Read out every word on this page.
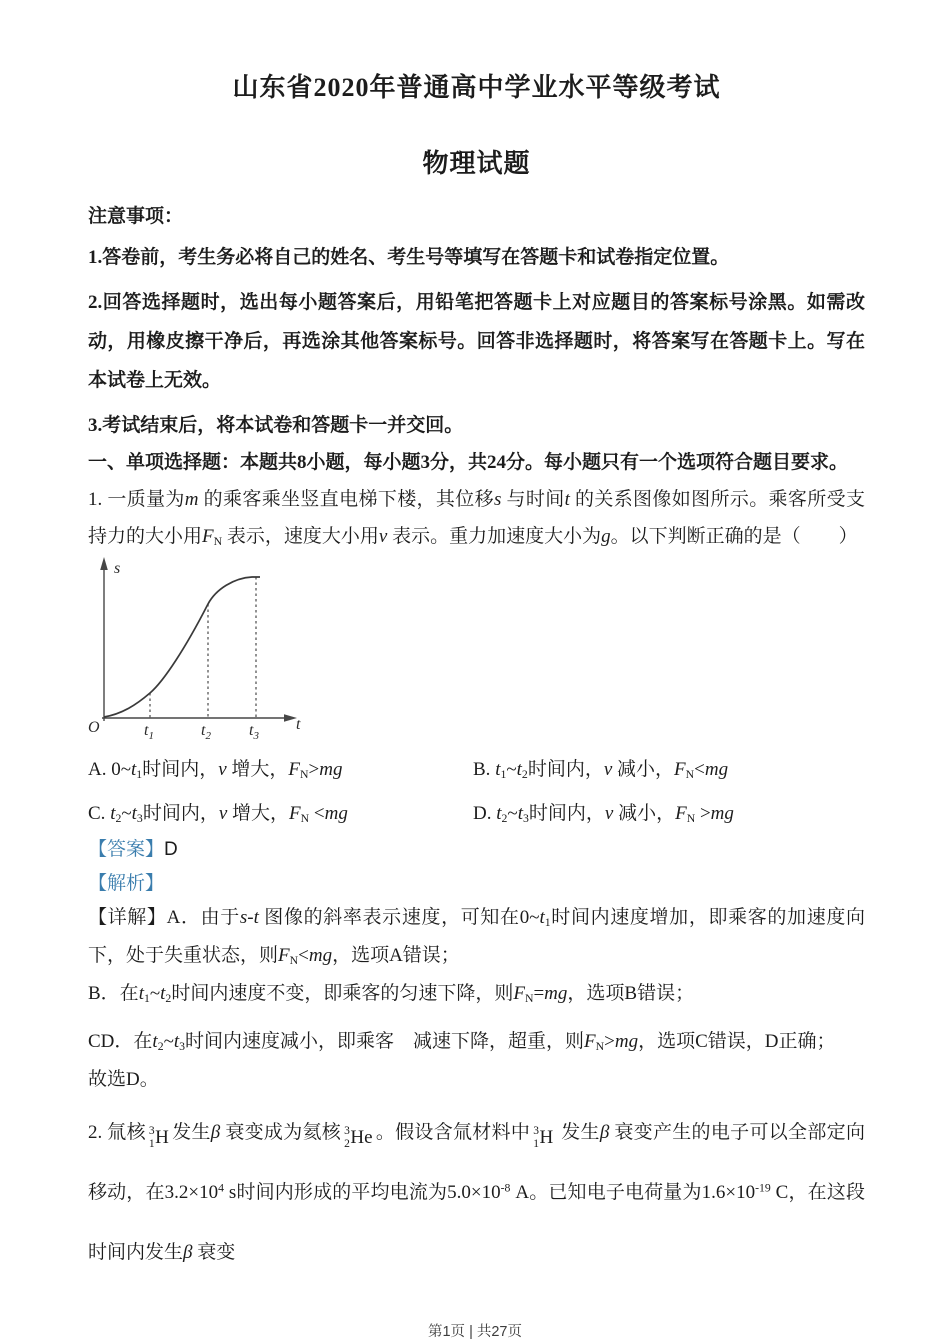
山东省2020年普通高中学业水平等级考试
物理试题

注意事项：

1.答卷前，考生务必将自己的姓名、考生号等填写在答题卡和试卷指定位置。

2.回答选择题时，选出每小题答案后，用铅笔把答题卡上对应题目的答案标号涂黑。如需改动，用橡皮擦干净后，再选涂其他答案标号。回答非选择题时，将答案写在答题卡上。写在本试卷上无效。

3.考试结束后，将本试卷和答题卡一并交回。

一、单项选择题：本题共8小题，每小题3分，共24分。每小题只有一个选项符合题目要求。

1. 一质量为m 的乘客乘坐竖直电梯下楼，其位移s 与时间t 的关系图像如图所示。乘客所受支持力的大小用$F_N$ 表示，速度大小用v 表示。重力加速度大小为g。以下判断正确的是（  ）

s
t
O	$t_1$	$t_2$ $t_3$

A. $0\sim t_1$时间内，v 增大，$F_N>mg$	B. $t_1\sim t_2$时间内，v 减小，$F_N<mg$

C. $t_2\sim t_3$时间内，v 增大，$F_N <mg$	D. $t_2\sim t_3$时间内，v 减小，$F_N >mg$

【答案】D

【解析】

【详解】A．由于s-t 图像的斜率表示速度，可知在$0\sim t_1$时间内速度增加，即乘客的加速度向下，处于失重状态，则$F_N<mg$，选项A错误；

B．在$t_1\sim t_2$时间内速度不变，即乘客的匀速下降，则$F_N=mg$，选项B错误；

CD．在$t_2\sim t_3$时间内速度减小，即乘客 减速下降，超重，则$F_N>mg$，选项C错误，D正确；

故选D。

2. 氚核 3
1 H 发生β 衰变成为氦核 3
2 He 。假设含氚材料中 3
1 H 发生β 衰变产生的电子可以全部定向移动，在$3.2\times 10^4$ s时间内形成的平均电流为$5.0\times 10^{-8}$ A。已知电子电荷量为$1.6\times 10^{-19}$ C，在这段时间内发生β 衰变

第1页 | 共27页
